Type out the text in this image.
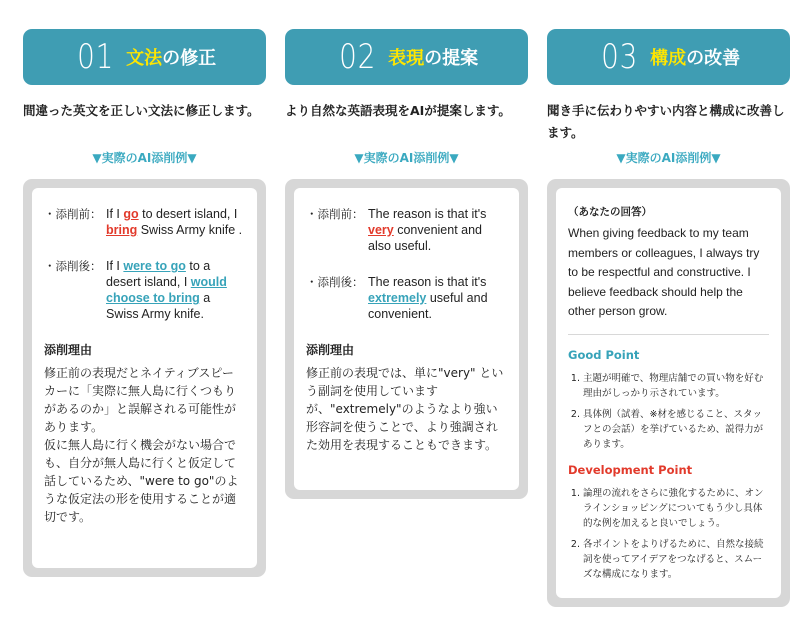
01 文法の修正
間違った英文を正しい文法に修正します。
▼実際のAI添削例▼
・添削前： If I go to desert island, I bring Swiss Army knife .
・添削後： If I were to go to a desert island, I would choose to bring a Swiss Army knife.
添削理由
修正前の表現だとネイティブスピーカーに「実際に無人島に行くつもりがあるのか」と誤解される可能性があります。
仮に無人島に行く機会がない場合でも、自分が無人島に行くと仮定して話しているため、"were to go"のような仮定法の形を使用することが適切です。
02 表現の提案
より自然な英語表現をAIが提案します。
▼実際のAI添削例▼
・添削前： The reason is that it's very convenient and also useful.
・添削後： The reason is that it's extremely useful and convenient.
添削理由
修正前の表現では、単に"very" という副詞を使用しています が、"extremely"のようなより強い形容詞を使うことで、より強調された効用を表現することもできます。
03 構成の改善
聞き手に伝わりやすい内容と構成に改善します。
▼実際のAI添削例▼
（あなたの回答）
When giving feedback to my team members or colleagues, I always try to be respectful and constructive. I believe feedback should help the other person grow.
Good Point
1. 主題が明確で、物理店舗での買い物を好む理由がしっかり示されています。
2. 具体例（試着、※材を感じること、スタッフとの会話）を挙げているため、説得力があります。
Development Point
1. 論理の流れをさらに強化するために、オンラインショッピングについてもう少し具体的な例を加えると良いでしょう。
2. 各ポイントをよりげるために、自然な接続詞を使ってアイデアをつなげると、スムーズな構成になります。
